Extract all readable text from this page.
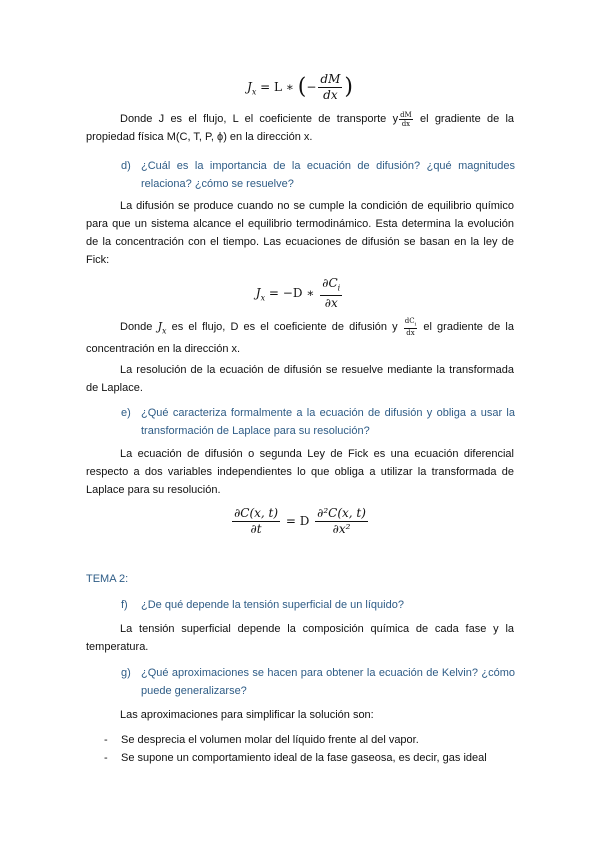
$J_x = L$ ∗ (− $\frac{dM}{dx}$ )
Donde J es el flujo, L el coeficiente de transporte y $\frac{dM}{dx}$ el gradiente de la propiedad física M(C, T, P, ϕ) en la dirección x.
d) ¿Cuál es la importancia de la ecuación de difusión? ¿qué magnitudes relaciona? ¿cómo se resuelve?
La difusión se produce cuando no se cumple la condición de equilibrio químico para que un sistema alcance el equilibrio termodinámico. Esta determina la evolución de la concentración con el tiempo. Las ecuaciones de difusión se basan en la ley de Fick:
$J_x = -D$ ∗ $\frac{\partial C_i}{\partial x}$
Donde $J_x$ es el flujo, D es el coeficiente de difusión y $\frac{dC_i}{dx}$ el gradiente de la concentración en la dirección x.
La resolución de la ecuación de difusión se resuelve mediante la transformada de Laplace.
e) ¿Qué caracteriza formalmente a la ecuación de difusión y obliga a usar la transformación de Laplace para su resolución?
La ecuación de difusión o segunda Ley de Fick es una ecuación diferencial respecto a dos variables independientes lo que obliga a utilizar la transformada de Laplace para su resolución.
$\frac{\partial C(x, t)}{\partial t} = D \frac{\text{∂²C(x, t)}}{\text{∂x²}}$
TEMA 2:
f)	¿De qué depende la tensión superficial de un líquido?
La tensión superficial depende la composición química de cada fase y la temperatura.
g) ¿Qué aproximaciones se hacen para obtener la ecuación de Kelvin? ¿cómo puede generalizarse?
Las aproximaciones para simplificar la solución son:
- Se desprecia el volumen molar del líquido frente al del vapor.
- Se supone un comportamiento ideal de la fase gaseosa, es decir, gas ideal
